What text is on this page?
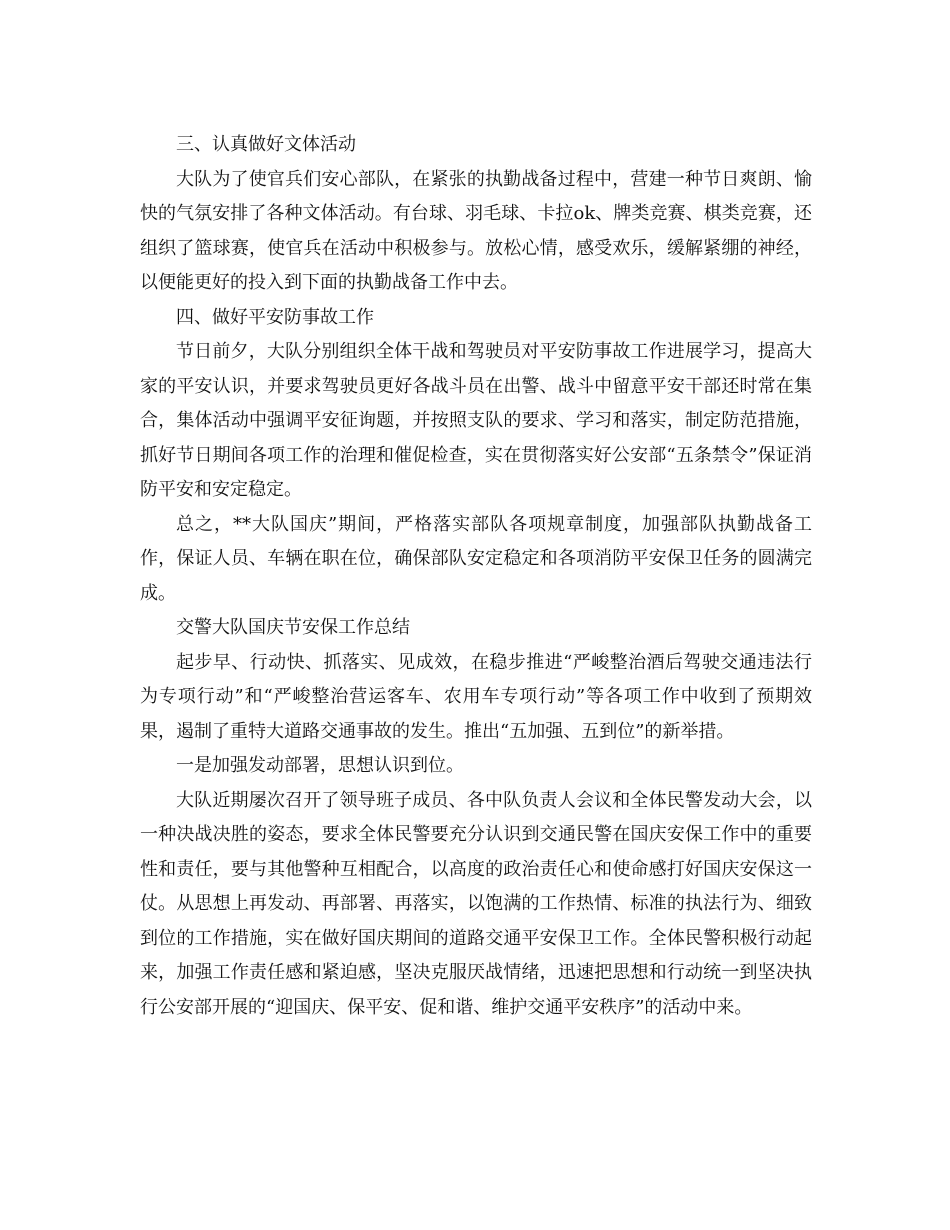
三、认真做好文体活动

大队为了使官兵们安心部队，在紧张的执勤战备过程中，营建一种节日爽朗、愉快的气氛安排了各种文体活动。有台球、羽毛球、卡拉ok、牌类竞赛、棋类竞赛，还组织了篮球赛，使官兵在活动中积极参与。放松心情，感受欢乐，缓解紧绷的神经，以便能更好的投入到下面的执勤战备工作中去。

四、做好平安防事故工作

节日前夕，大队分别组织全体干战和驾驶员对平安防事故工作进展学习，提高大家的平安认识，并要求驾驶员更好各战斗员在出警、战斗中留意平安干部还时常在集合，集体活动中强调平安征询题，并按照支队的要求、学习和落实，制定防范措施，抓好节日期间各项工作的治理和催促检查，实在贯彻落实好公安部“五条禁令”保证消防平安和安定稳定。

总之，**大队国庆”期间，严格落实部队各项规章制度，加强部队执勤战备工作，保证人员、车辆在职在位，确保部队安定稳定和各项消防平安保卫任务的圆满完成。

交警大队国庆节安保工作总结

起步早、行动快、抓落实、见成效，在稳步推进“严峻整治酒后驾驶交通违法行为专项行动”和“严峻整治营运客车、农用车专项行动”等各项工作中收到了预期效果，遏制了重特大道路交通事故的发生。推出“五加强、五到位”的新举措。

一是加强发动部署，思想认识到位。

大队近期屡次召开了领导班子成员、各中队负责人会议和全体民警发动大会，以一种决战决胜的姿态，要求全体民警要充分认识到交通民警在国庆安保工作中的重要性和责任，要与其他警种互相配合，以高度的政治责任心和使命感打好国庆安保这一仗。从思想上再发动、再部署、再落实，以饱满的工作热情、标准的执法行为、细致到位的工作措施，实在做好国庆期间的道路交通平安保卫工作。全体民警积极行动起来，加强工作责任感和紧迫感，坚决克服厌战情绪，迅速把思想和行动统一到坚决执行公安部开展的“迎国庆、保平安、促和谐、维护交通平安秩序”的活动中来。
